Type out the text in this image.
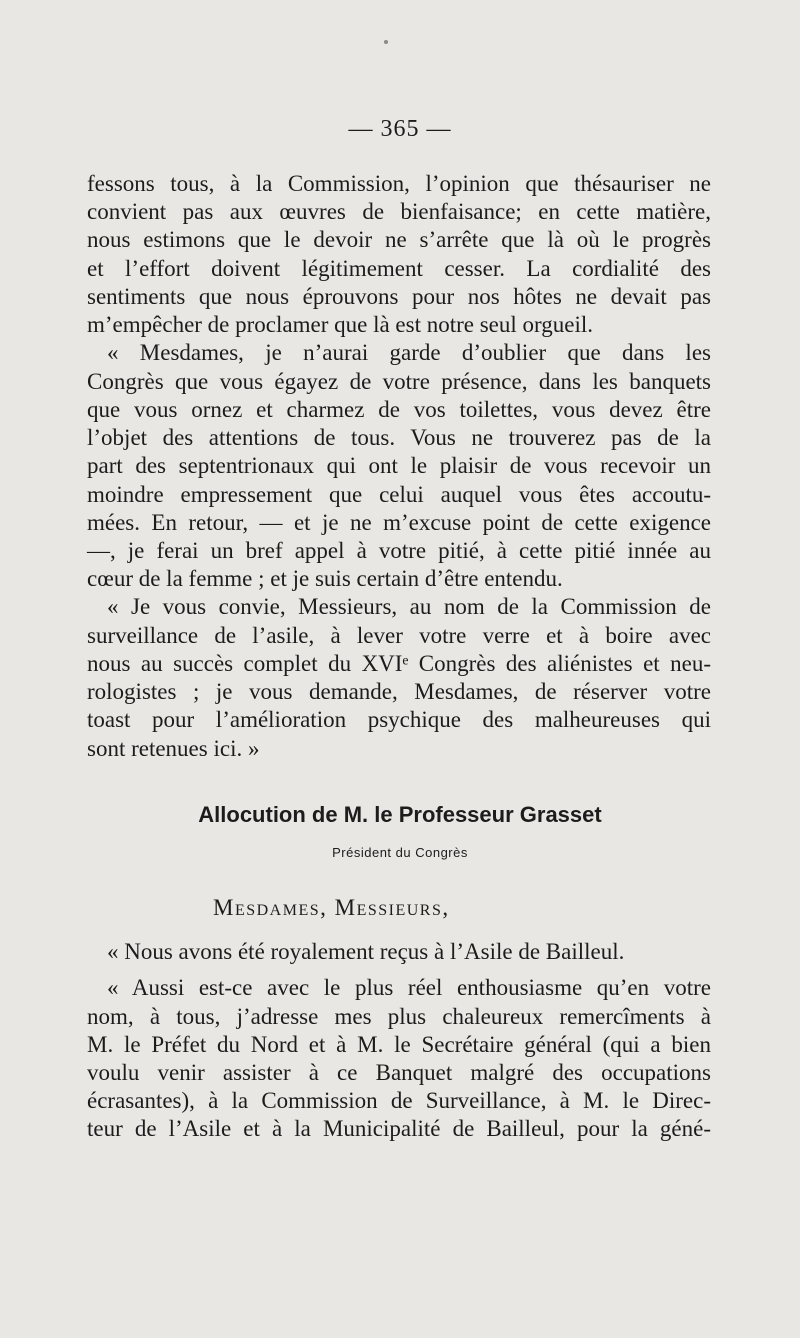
— 365 —
fessons tous, à la Commission, l’opinion que thésauriser ne
convient pas aux œuvres de bienfaisance; en cette matière,
nous estimons que le devoir ne s’arrête que là où le progrès
et l’effort doivent légitimement cesser. La cordialité des
sentiments que nous éprouvons pour nos hôtes ne devait pas
m’empêcher de proclamer que là est notre seul orgueil.
« Mesdames, je n’aurai garde d’oublier que dans les
Congrès que vous égayez de votre présence, dans les banquets
que vous ornez et charmez de vos toilettes, vous devez être
l’objet des attentions de tous. Vous ne trouverez pas de la
part des septentrionaux qui ont le plaisir de vous recevoir un
moindre empressement que celui auquel vous êtes accoutu-
mées. En retour, — et je ne m’excuse point de cette exigence
—, je ferai un bref appel à votre pitié, à cette pitié innée au
cœur de la femme ; et je suis certain d’être entendu.
« Je vous convie, Messieurs, au nom de la Commission de
surveillance de l’asile, à lever votre verre et à boire avec
nous au succès complet du XVIᵉ Congrès des aliénistes et neu-
rologistes ; je vous demande, Mesdames, de réserver votre
toast pour l’amélioration psychique des malheureuses qui
sont retenues ici. »
Allocution de M. le Professeur Grasset
Président du Congrès
Mesdames, Messieurs,
« Nous avons été royalement reçus à l’Asile de Bailleul.
« Aussi est-ce avec le plus réel enthousiasme qu’en votre
nom, à tous, j’adresse mes plus chaleureux remercîments à
M. le Préfet du Nord et à M. le Secrétaire général (qui a bien
voulu venir assister à ce Banquet malgré des occupations
écrasantes), à la Commission de Surveillance, à M. le Direc-
teur de l’Asile et à la Municipalité de Bailleul, pour la géné-
